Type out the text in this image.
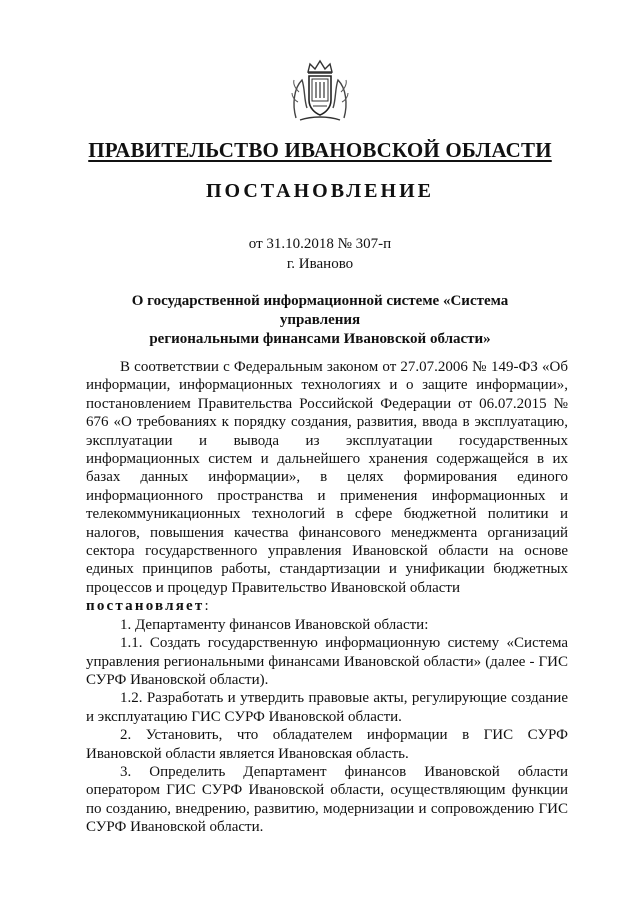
ПРАВИТЕЛЬСТВО ИВАНОВСКОЙ ОБЛАСТИ
ПОСТАНОВЛЕНИЕ
от 31.10.2018 № 307-п
г. Иваново
О государственной информационной системе «Система управления
региональными финансами Ивановской области»

В соответствии с Федеральным законом от 27.07.2006 № 149-ФЗ «Об информации, информационных технологиях и о защите информации», постановлением Правительства Российской Федерации от 06.07.2015 № 676 «О требованиях к порядку создания, развития, ввода в эксплуатацию, эксплуатации и вывода из эксплуатации государственных информационных систем и дальнейшего хранения содержащейся в их базах данных информации», в целях формирования единого информационного пространства и применения информационных и телекоммуникационных технологий в сфере бюджетной политики и налогов, повышения качества финансового менеджмента организаций сектора государственного управления Ивановской области на основе единых принципов работы, стандартизации и унификации бюджетных процессов и процедур Правительство Ивановской области

постановляет:

1. Департаменту финансов Ивановской области:

1.1. Создать государственную информационную систему «Система управления региональными финансами Ивановской области» (далее - ГИС СУРФ Ивановской области).

1.2. Разработать и утвердить правовые акты, регулирующие создание и эксплуатацию ГИС СУРФ Ивановской области.

2. Установить, что обладателем информации в ГИС СУРФ Ивановской области является Ивановская область.

3. Определить Департамент финансов Ивановской области оператором ГИС СУРФ Ивановской области, осуществляющим функции по созданию, внедрению, развитию, модернизации и сопровождению ГИС СУРФ Ивановской области.
